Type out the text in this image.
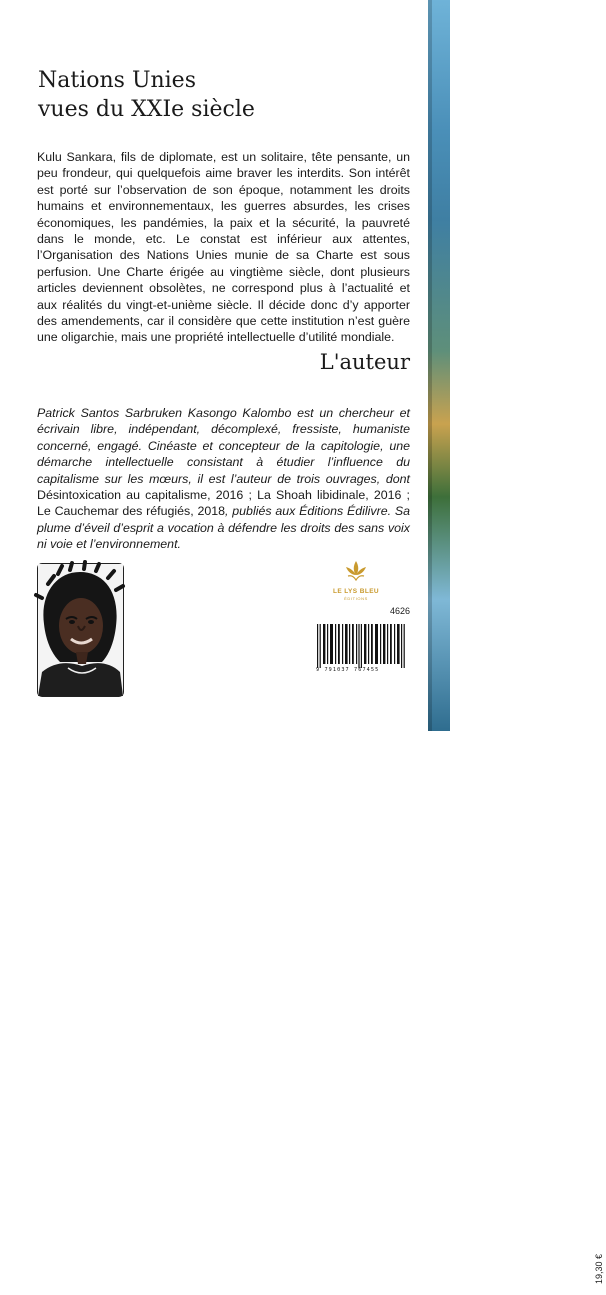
Nations Unies
vues du XXIe siècle

Kulu Sankara, fils de diplomate, est un solitaire, tête pensante, un peu frondeur, qui quelquefois aime braver les interdits. Son intérêt est porté sur l’observation de son époque, notamment les droits humains et environnementaux, les guerres absurdes, les crises économiques, les pandémies, la paix et la sécurité, la pauvreté dans le monde, etc. Le constat est inférieur aux attentes, l’Organisation des Nations Unies munie de sa Charte est sous perfusion. Une Charte érigée au vingtième siècle, dont plusieurs articles deviennent obsolètes, ne correspond plus à l’actualité et aux réalités du vingt-et-unième siècle. Il décide donc d’y apporter des amendements, car il considère que cette institution n’est guère une oligarchie, mais une propriété intellectuelle d’utilité mondiale.

L'auteur

Patrick Santos Sarbruken Kasongo Kalombo est un chercheur et écrivain libre, indépendant, décomplexé, fressiste, humaniste concerné, engagé. Cinéaste et concepteur de la capitologie, une démarche intellectuelle consistant à étudier l’influence du capitalisme sur les mœurs, il est l’auteur de trois ouvrages, dont Désintoxication au capitalisme, 2016 ; La Shoah libidinale, 2016 ; Le Cauchemar des réfugiés, 2018, publiés aux Éditions Édilivre. Sa plume d’éveil d’esprit a vocation à défendre les droits des sans voix ni voie et l’environnement.

LE LYS BLEU
ÉDITIONS

4626

19,30 €

9 791037 767455
